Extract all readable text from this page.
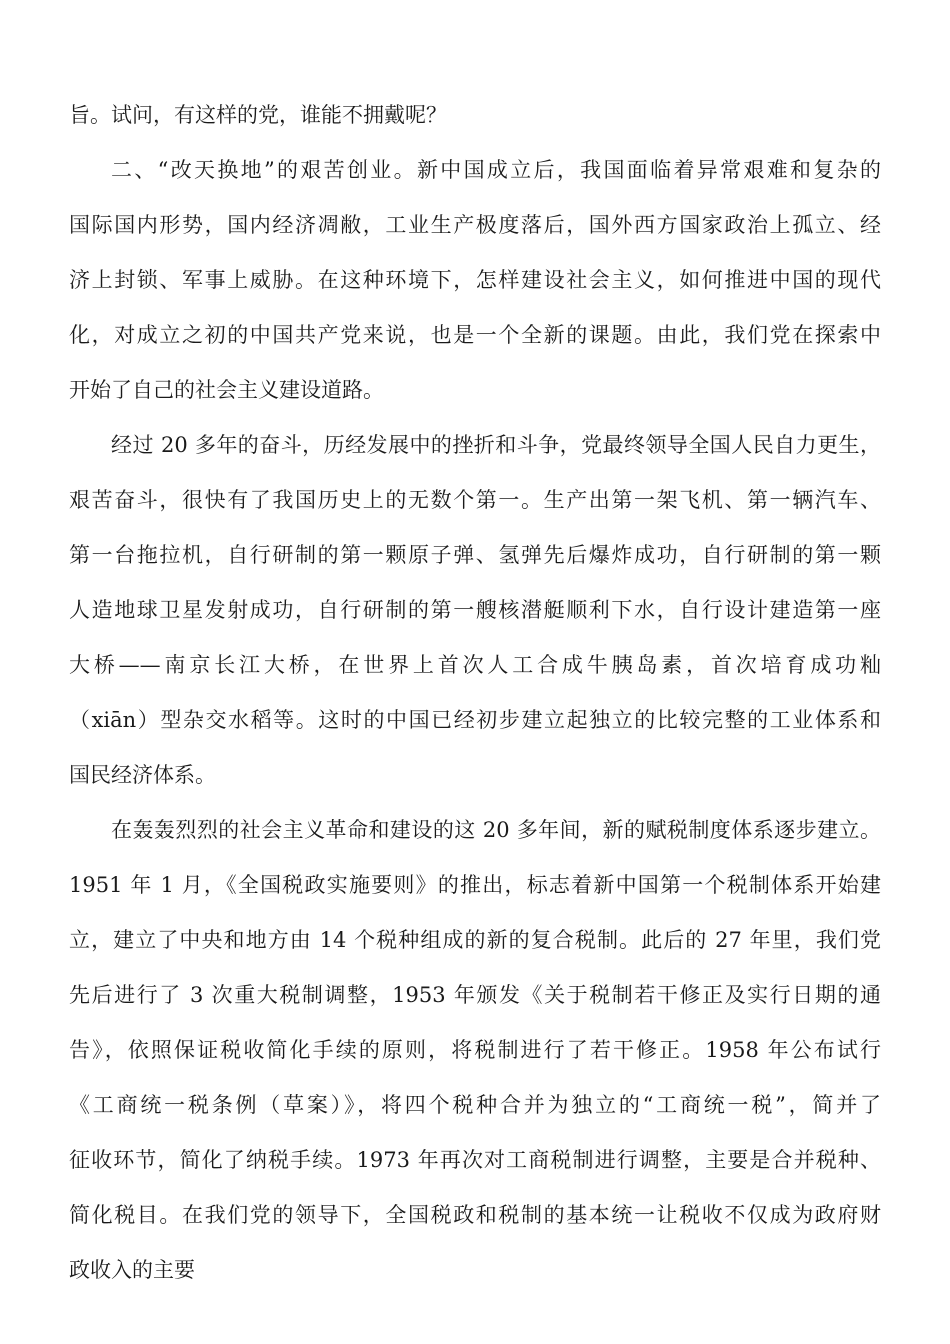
旨。试问，有这样的党，谁能不拥戴呢？
二、“改天换地”的艰苦创业。新中国成立后，我国面临着异常艰难和复杂的
国际国内形势，国内经济凋敝，工业生产极度落后，国外西方国家政治上孤立、经
济上封锁、军事上威胁。在这种环境下，怎样建设社会主义，如何推进中国的现代
化，对成立之初的中国共产党来说，也是一个全新的课题。由此，我们党在探索中
开始了自己的社会主义建设道路。
经过 20 多年的奋斗，历经发展中的挫折和斗争，党最终领导全国人民自力更生，
艰苦奋斗，很快有了我国历史上的无数个第一。生产出第一架飞机、第一辆汽车、
第一台拖拉机，自行研制的第一颗原子弹、氢弹先后爆炸成功，自行研制的第一颗
人造地球卫星发射成功，自行研制的第一艘核潜艇顺利下水，自行设计建造第一座
大桥——南京长江大桥，在世界上首次人工合成牛胰岛素，首次培育成功籼
（xiān）型杂交水稻等。这时的中国已经初步建立起独立的比较完整的工业体系和
国民经济体系。
在轰轰烈烈的社会主义革命和建设的这 20 多年间，新的赋税制度体系逐步建立。
1951 年 1 月，《全国税政实施要则》的推出，标志着新中国第一个税制体系开始建
立，建立了中央和地方由 14 个税种组成的新的复合税制。此后的 27 年里，我们党
先后进行了 3 次重大税制调整，1953 年颁发《关于税制若干修正及实行日期的通
告》，依照保证税收简化手续的原则，将税制进行了若干修正。1958 年公布试行
《工商统一税条例（草案）》，将四个税种合并为独立的“工商统一税”，简并了
征收环节，简化了纳税手续。1973 年再次对工商税制进行调整，主要是合并税种、
简化税目。在我们党的领导下，全国税政和税制的基本统一让税收不仅成为政府财
政收入的主要
